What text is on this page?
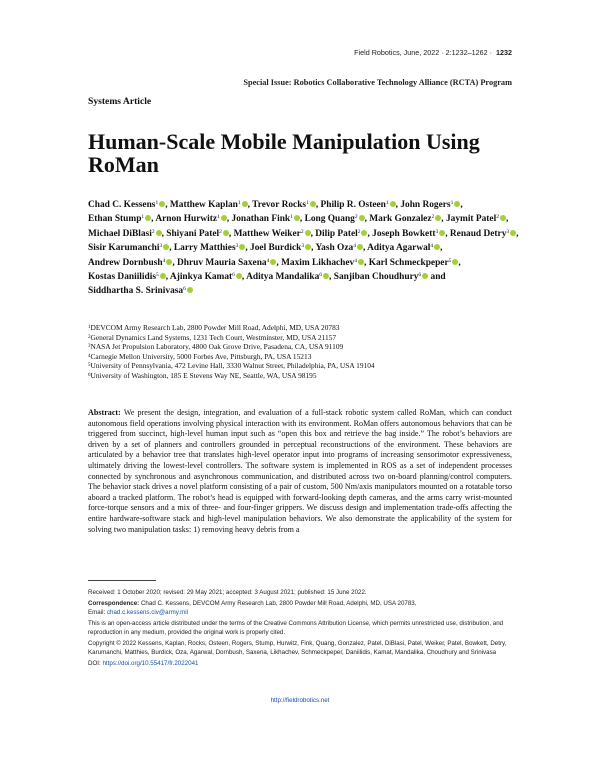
Field Robotics, June, 2022 · 2:1232–1262 · 1232
Special Issue: Robotics Collaborative Technology Alliance (RCTA) Program
Systems Article
Human-Scale Mobile Manipulation Using RoMan
Chad C. Kessens$^1$ , Matthew Kaplan$^1$ , Trevor Rocks$^1$ , Philip R. Osteen$^1$ , John Rogers$^1$ , Ethan Stump$^1$ , Arnon Hurwitz$^1$ , Jonathan Fink$^1$ , Long Quang$^2$ , Mark Gonzalez$^2$ , Jaymit Patel$^2$ , Michael DiBlasi$^2$ , Shiyani Patel$^2$ , Matthew Weiker$^2$ , Dilip Patel$^2$ , Joseph Bowkett$^3$ , Renaud Detry$^3$ , Sisir Karumanchi$^3$ , Larry Matthies$^3$ , Joel Burdick$^3$ , Yash Oza$^4$ , Aditya Agarwal$^4$ , Andrew Dornbush$^4$ , Dhruv Mauria Saxena$^4$ , Maxim Likhachev$^4$ , Karl Schmeckpeper$^5$ , Kostas Daniilidis$^5$ , Ajinkya Kamat$^6$ , Aditya Mandalika$^6$ , Sanjiban Choudhury$^6$ and Siddhartha S. Srinivasa$^6$
$^1$DEVCOM Army Research Lab, 2800 Powder Mill Road, Adelphi, MD, USA 20783
$^2$General Dynamics Land Systems, 1231 Tech Court, Westminster, MD, USA 21157
$^3$NASA Jet Propulsion Laboratory, 4800 Oak Grove Drive, Pasadena, CA, USA 91109
$^4$Carnegie Mellon University, 5000 Forbes Ave, Pittsburgh, PA, USA 15213
$^5$University of Pennsylvania, 472 Levine Hall, 3330 Walnut Street, Philadelphia, PA, USA 19104
$^6$University of Washington, 185 E Stevens Way NE, Seattle, WA, USA 98195

Abstract: We present the design, integration, and evaluation of a full-stack robotic system called RoMan, which can conduct autonomous field operations involving physical interaction with its environment. RoMan offers autonomous behaviors that can be triggered from succinct, high-level human input such as “open this box and retrieve the bag inside.” The robot’s behaviors are driven by a set of planners and controllers grounded in perceptual reconstructions of the environment. These behaviors are articulated by a behavior tree that translates high-level operator input into programs of increasing sensorimotor expressiveness, ultimately driving the lowest-level controllers. The software system is implemented in ROS as a set of independent processes connected by synchronous and asynchronous communication, and distributed across two on-board planning/control computers. The behavior stack drives a novel platform consisting of a pair of custom, 500 Nm/axis manipulators mounted on a rotatable torso aboard a tracked platform. The robot’s head is equipped with forward-looking depth cameras, and the arms carry wrist-mounted force-torque sensors and a mix of three- and four-finger grippers. We discuss design and implementation trade-offs affecting the entire hardware-software stack and high-level manipulation behaviors. We also demonstrate the applicability of the system for solving two manipulation tasks: 1) removing heavy debris from a

Received: 1 October 2020; revised: 29 May 2021; accepted: 3 August 2021; published: 15 June 2022.

Correspondence: Chad C. Kessens, DEVCOM Army Research Lab, 2800 Powder Mill Road, Adelphi, MD, USA 20783,
Email: chad.c.kessens.civ@army.mil

This is an open-access article distributed under the terms of the Creative Commons Attribution License, which permits unrestricted use, distribution, and reproduction in any medium, provided the original work is properly cited.

Copyright © 2022 Kessens, Kaplan, Rocks, Osteen, Rogers, Stump, Hurwitz, Fink, Quang, Gonzalez, Patel, DiBlasi, Patel, Weiker, Patel, Bowkett, Detry, Karumanchi, Matthies, Burdick, Oza, Agarwal, Dornbush, Saxena, Likhachev, Schmeckpeper, Daniilidis, Kamat, Mandalika, Choudhury and Srinivasa

DOI: https://doi.org/10.55417/fr.2022041

http://fieldrobotics.net
